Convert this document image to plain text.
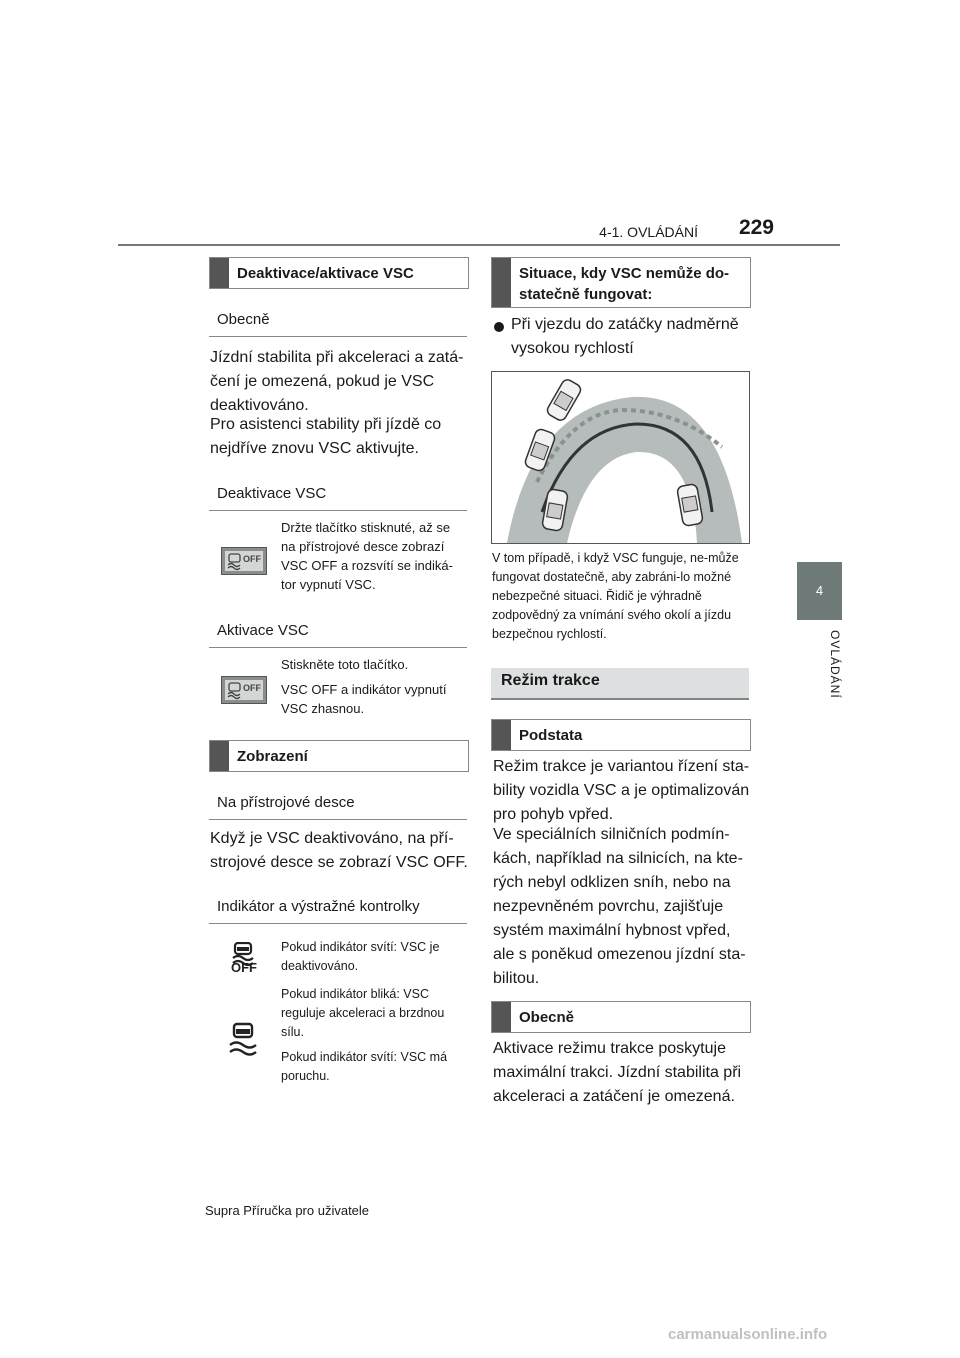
4-1. OVLÁDÁNÍ	229
4
OVLÁDÁNÍ
Deaktivace/aktivace VSC
Obecně
Jízdní stabilita při akceleraci a zatá-čení je omezená, pokud je VSC deaktivováno.
Pro asistenci stability při jízdě co nejdříve znovu VSC aktivujte.
Deaktivace VSC
OFF
Držte tlačítko stisknuté, až se na přístrojové desce zobrazí VSC OFF a rozsvítí se indiká-tor vypnutí VSC.
Aktivace VSC
OFF
Stiskněte toto tlačítko.
VSC OFF a indikátor vypnutí VSC zhasnou.
Zobrazení
Na přístrojové desce
Když je VSC deaktivováno, na pří-strojové desce se zobrazí VSC OFF.
Indikátor a výstražné kontrolky
OFF
Pokud indikátor svítí: VSC je deaktivováno.
Pokud indikátor bliká: VSC reguluje akceleraci a brzdnou sílu.
Pokud indikátor svítí: VSC má poruchu.
Situace, kdy VSC nemůže do-statečně fungovat:
Při vjezdu do zatáčky nadměrně vysokou rychlostí
V tom případě, i když VSC funguje, ne-může fungovat dostatečně, aby zabráni-lo možné nebezpečné situaci. Řidič je výhradně zodpovědný za vnímání svého okolí a jízdu bezpečnou rychlostí.
Režim trakce
Podstata
Režim trakce je variantou řízení sta-bility vozidla VSC a je optimalizován pro pohyb vpřed.
Ve speciálních silničních podmín-kách, například na silnicích, na kte-rých nebyl odklizen sníh, nebo na nezpevněném povrchu, zajišťuje systém maximální hybnost vpřed, ale s poněkud omezenou jízdní sta-bilitou.
Obecně
Aktivace režimu trakce poskytuje maximální trakci. Jízdní stabilita při akceleraci a zatáčení je omezená.
Supra Příručka pro uživatele
carmanualsonline.info
